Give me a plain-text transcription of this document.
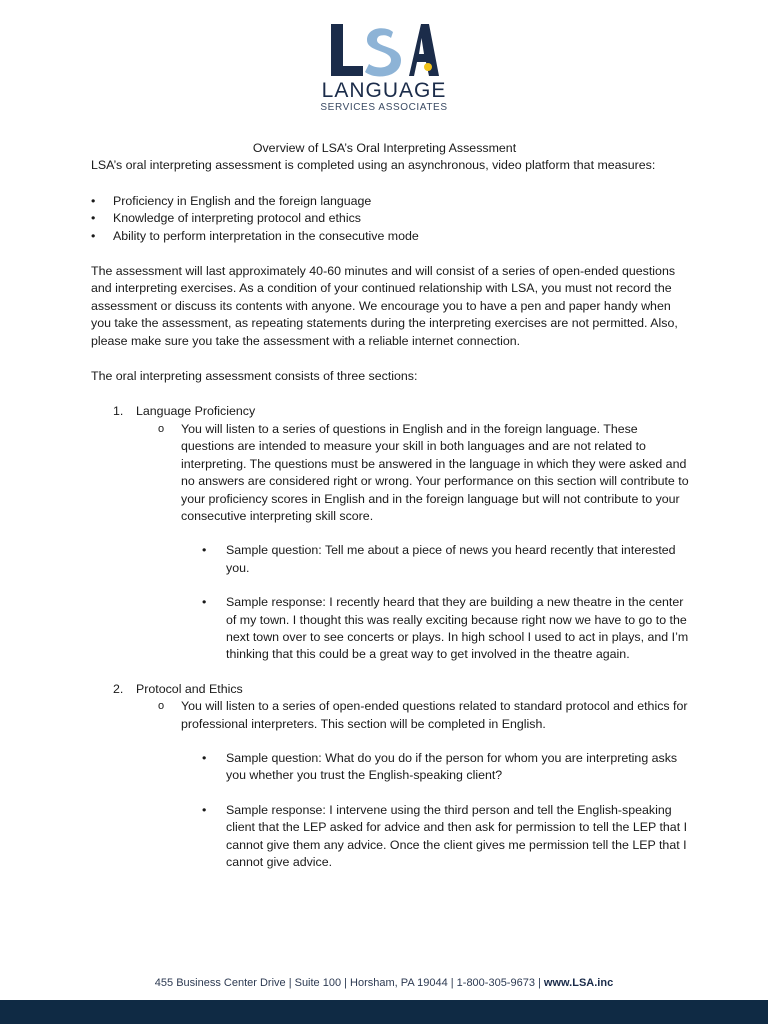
LANGUAGE
SERVICES ASSOCIATES

Overview of LSA’s Oral Interpreting Assessment

LSA’s oral interpreting assessment is completed using an asynchronous, video platform that measures:

• Proficiency in English and the foreign language
• Knowledge of interpreting protocol and ethics
• Ability to perform interpretation in the consecutive mode

The assessment will last approximately 40-60 minutes and will consist of a series of open-ended questions and interpreting exercises. As a condition of your continued relationship with LSA, you must not record the assessment or discuss its contents with anyone. We encourage you to have a pen and paper handy when you take the assessment, as repeating statements during the interpreting exercises are not permitted. Also, please make sure you take the assessment with a reliable internet connection.

The oral interpreting assessment consists of three sections:

1. Language Proficiency

o You will listen to a series of questions in English and in the foreign language. These questions are intended to measure your skill in both languages and are not related to interpreting. The questions must be answered in the language in which they were asked and no answers are considered right or wrong. Your performance on this section will contribute to your proficiency scores in English and in the foreign language but will not contribute to your consecutive interpreting skill score.

• Sample question: Tell me about a piece of news you heard recently that interested you.

• Sample response: I recently heard that they are building a new theatre in the center of my town. I thought this was really exciting because right now we have to go to the next town over to see concerts or plays. In high school I used to act in plays, and I’m thinking that this could be a great way to get involved in the theatre again.

2. Protocol and Ethics

o You will listen to a series of open-ended questions related to standard protocol and ethics for professional interpreters. This section will be completed in English.

• Sample question: What do you do if the person for whom you are interpreting asks you whether you trust the English-speaking client?

• Sample response: I intervene using the third person and tell the English-speaking client that the LEP asked for advice and then ask for permission to tell the LEP that I cannot give them any advice. Once the client gives me permission tell the LEP that I cannot give advice.

455 Business Center Drive | Suite 100 | Horsham, PA 19044 | 1-800-305-9673 | www.LSA.inc
